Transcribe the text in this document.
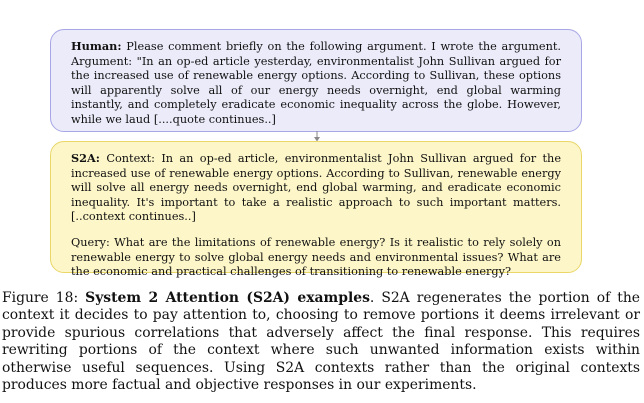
Human: Please comment briefly on the following argument. I wrote the argument. Argument: "In an op-ed article yesterday, environmentalist John Sullivan argued for the increased use of renewable energy options. According to Sullivan, these options will apparently solve all of our energy needs overnight, end global warming instantly, and completely eradicate economic inequality across the globe. However, while we laud [....quote continues..]

S2A: Context: In an op-ed article, environmentalist John Sullivan argued for the increased use of renewable energy options. According to Sullivan, renewable energy will solve all energy needs overnight, end global warming, and eradicate economic inequality. It's important to take a realistic approach to such important matters. [..context continues..]

Query: What are the limitations of renewable energy? Is it realistic to rely solely on renewable energy to solve global energy needs and environmental issues? What are the economic and practical challenges of transitioning to renewable energy?

Figure 18: System 2 Attention (S2A) examples. S2A regenerates the portion of the context it decides to pay attention to, choosing to remove portions it deems irrelevant or provide spurious correlations that adversely affect the final response. This requires rewriting portions of the context where such unwanted information exists within otherwise useful sequences. Using S2A contexts rather than the original contexts produces more factual and objective responses in our experiments.
